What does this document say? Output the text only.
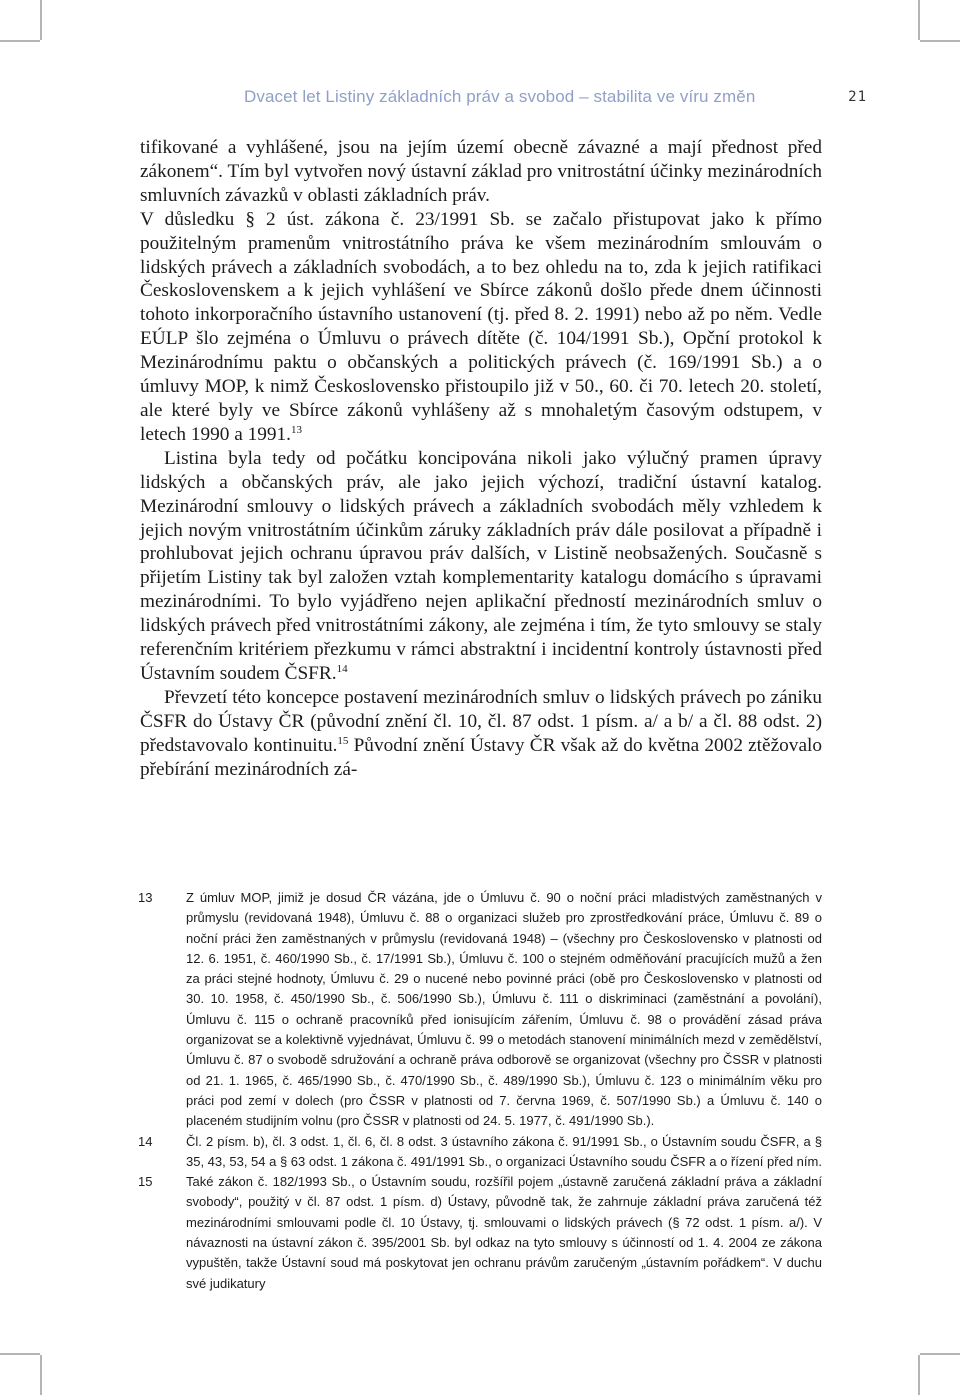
Dvacet let Listiny základních práv a svobod – stabilita ve víru změn	21

tifikované a vyhlášené, jsou na jejím území obecně závazné a mají přednost před zákonem“. Tím byl vytvořen nový ústavní základ pro vnitrostátní účinky mezinárodních smluvních závazků v oblasti základních práv.

V důsledku § 2 úst. zákona č. 23/1991 Sb. se začalo přistupovat jako k přímo použitelným pramenům vnitrostátního práva ke všem mezinárodním smlouvám o lidských právech a základních svobodách, a to bez ohledu na to, zda k jejich ratifikaci Československem a k jejich vyhlášení ve Sbírce zákonů došlo přede dnem účinnosti tohoto inkorporačního ústavního ustanovení (tj. před 8. 2. 1991) nebo až po něm. Vedle EÚLP šlo zejména o Úmluvu o právech dítěte (č. 104/1991 Sb.), Opční protokol k Mezinárodnímu paktu o občanských a politických právech (č. 169/1991 Sb.) a o úmluvy MOP, k nimž Československo přistoupilo již v 50., 60. či 70. letech 20. století, ale které byly ve Sbírce zákonů vyhlášeny až s mnohaletým časovým odstupem, v letech 1990 a 1991.13

Listina byla tedy od počátku koncipována nikoli jako výlučný pramen úpravy lidských a občanských práv, ale jako jejich výchozí, tradiční ústavní katalog. Mezinárodní smlouvy o lidských právech a základních svobodách měly vzhledem k jejich novým vnitrostátním účinkům záruky základních práv dále posilovat a případně i prohlubovat jejich ochranu úpravou práv dalších, v Listině neobsažených. Současně s přijetím Listiny tak byl založen vztah komplementarity katalogu domácího s úpravami mezinárodními. To bylo vyjádřeno nejen aplikační předností mezinárodních smluv o lidských právech před vnitrostátními zákony, ale zejména i tím, že tyto smlouvy se staly referenčním kritériem přezkumu v rámci abstraktní i incidentní kontroly ústavnosti před Ústavním soudem ČSFR.$^{14}$

Převzetí této koncepce postavení mezinárodních smluv o lidských právech po zániku ČSFR do Ústavy ČR (původní znění čl. 10, čl. 87 odst. 1 písm. a/ a b/ a čl. 88 odst. 2) představovalo kontinuitu.$^{15}$ Původní znění Ústavy ČR však až do května 2002 ztěžovalo přebírání mezinárodních zá-

13	Z úmluv MOP, jimiž je dosud ČR vázána, jde o Úmluvu č. 90 o noční práci mladistvých zaměstnaných v průmyslu (revidovaná 1948), Úmluvu č. 88 o organizaci služeb pro zprostředkování práce, Úmluvu č. 89 o noční práci žen zaměstnaných v průmyslu (revidovaná 1948) – (všechny pro Československo v platnosti od 12. 6. 1951, č. 460/1990 Sb., č. 17/1991 Sb.), Úmluvu č. 100 o stejném odměňování pracujících mužů a žen za práci stejné hodnoty, Úmluvu č. 29 o nucené nebo povinné práci (obě pro Československo v platnosti od 30. 10. 1958, č. 450/1990 Sb., č. 506/1990 Sb.), Úmluvu č. 111 o diskriminaci (zaměstnání a povolání), Úmluvu č. 115 o ochraně pracovníků před ionisujícím zářením, Úmluvu č. 98 o provádění zásad práva organizovat se a kolektivně vyjednávat, Úmluvu č. 99 o metodách stanovení minimálních mezd v zemědělství, Úmluvu č. 87 o svobodě sdružování a ochraně práva odborově se organizovat (všechny pro ČSSR v platnosti od 21. 1. 1965, č. 465/1990 Sb., č. 470/1990 Sb., č. 489/1990 Sb.), Úmluvu č. 123 o minimálním věku pro práci pod zemí v dolech (pro ČSSR v platnosti od 7. června 1969, č. 507/1990 Sb.) a Úmluvu č. 140 o placeném studijním volnu (pro ČSSR v platnosti od 24. 5. 1977, č. 491/1990 Sb.).
14	Čl. 2 písm. b), čl. 3 odst. 1, čl. 6, čl. 8 odst. 3 ústavního zákona č. 91/1991 Sb., o Ústavním soudu ČSFR, a § 35, 43, 53, 54 a § 63 odst. 1 zákona č. 491/1991 Sb., o organizaci Ústavního soudu ČSFR a o řízení před ním.
15	Také zákon č. 182/1993 Sb., o Ústavním soudu, rozšířil pojem „ústavně zaručená základní práva a základní svobody“, použitý v čl. 87 odst. 1 písm. d) Ústavy, původně tak, že zahrnuje základní práva zaručená též mezinárodními smlouvami podle čl. 10 Ústavy, tj. smlouvami o lidských právech (§ 72 odst. 1 písm. a/). V návaznosti na ústavní zákon č. 395/2001 Sb. byl odkaz na tyto smlouvy s účinností od 1. 4. 2004 ze zákona vypuštěn, takže Ústavní soud má poskytovat jen ochranu právům zaručeným „ústavním pořádkem“. V duchu své judikatury
